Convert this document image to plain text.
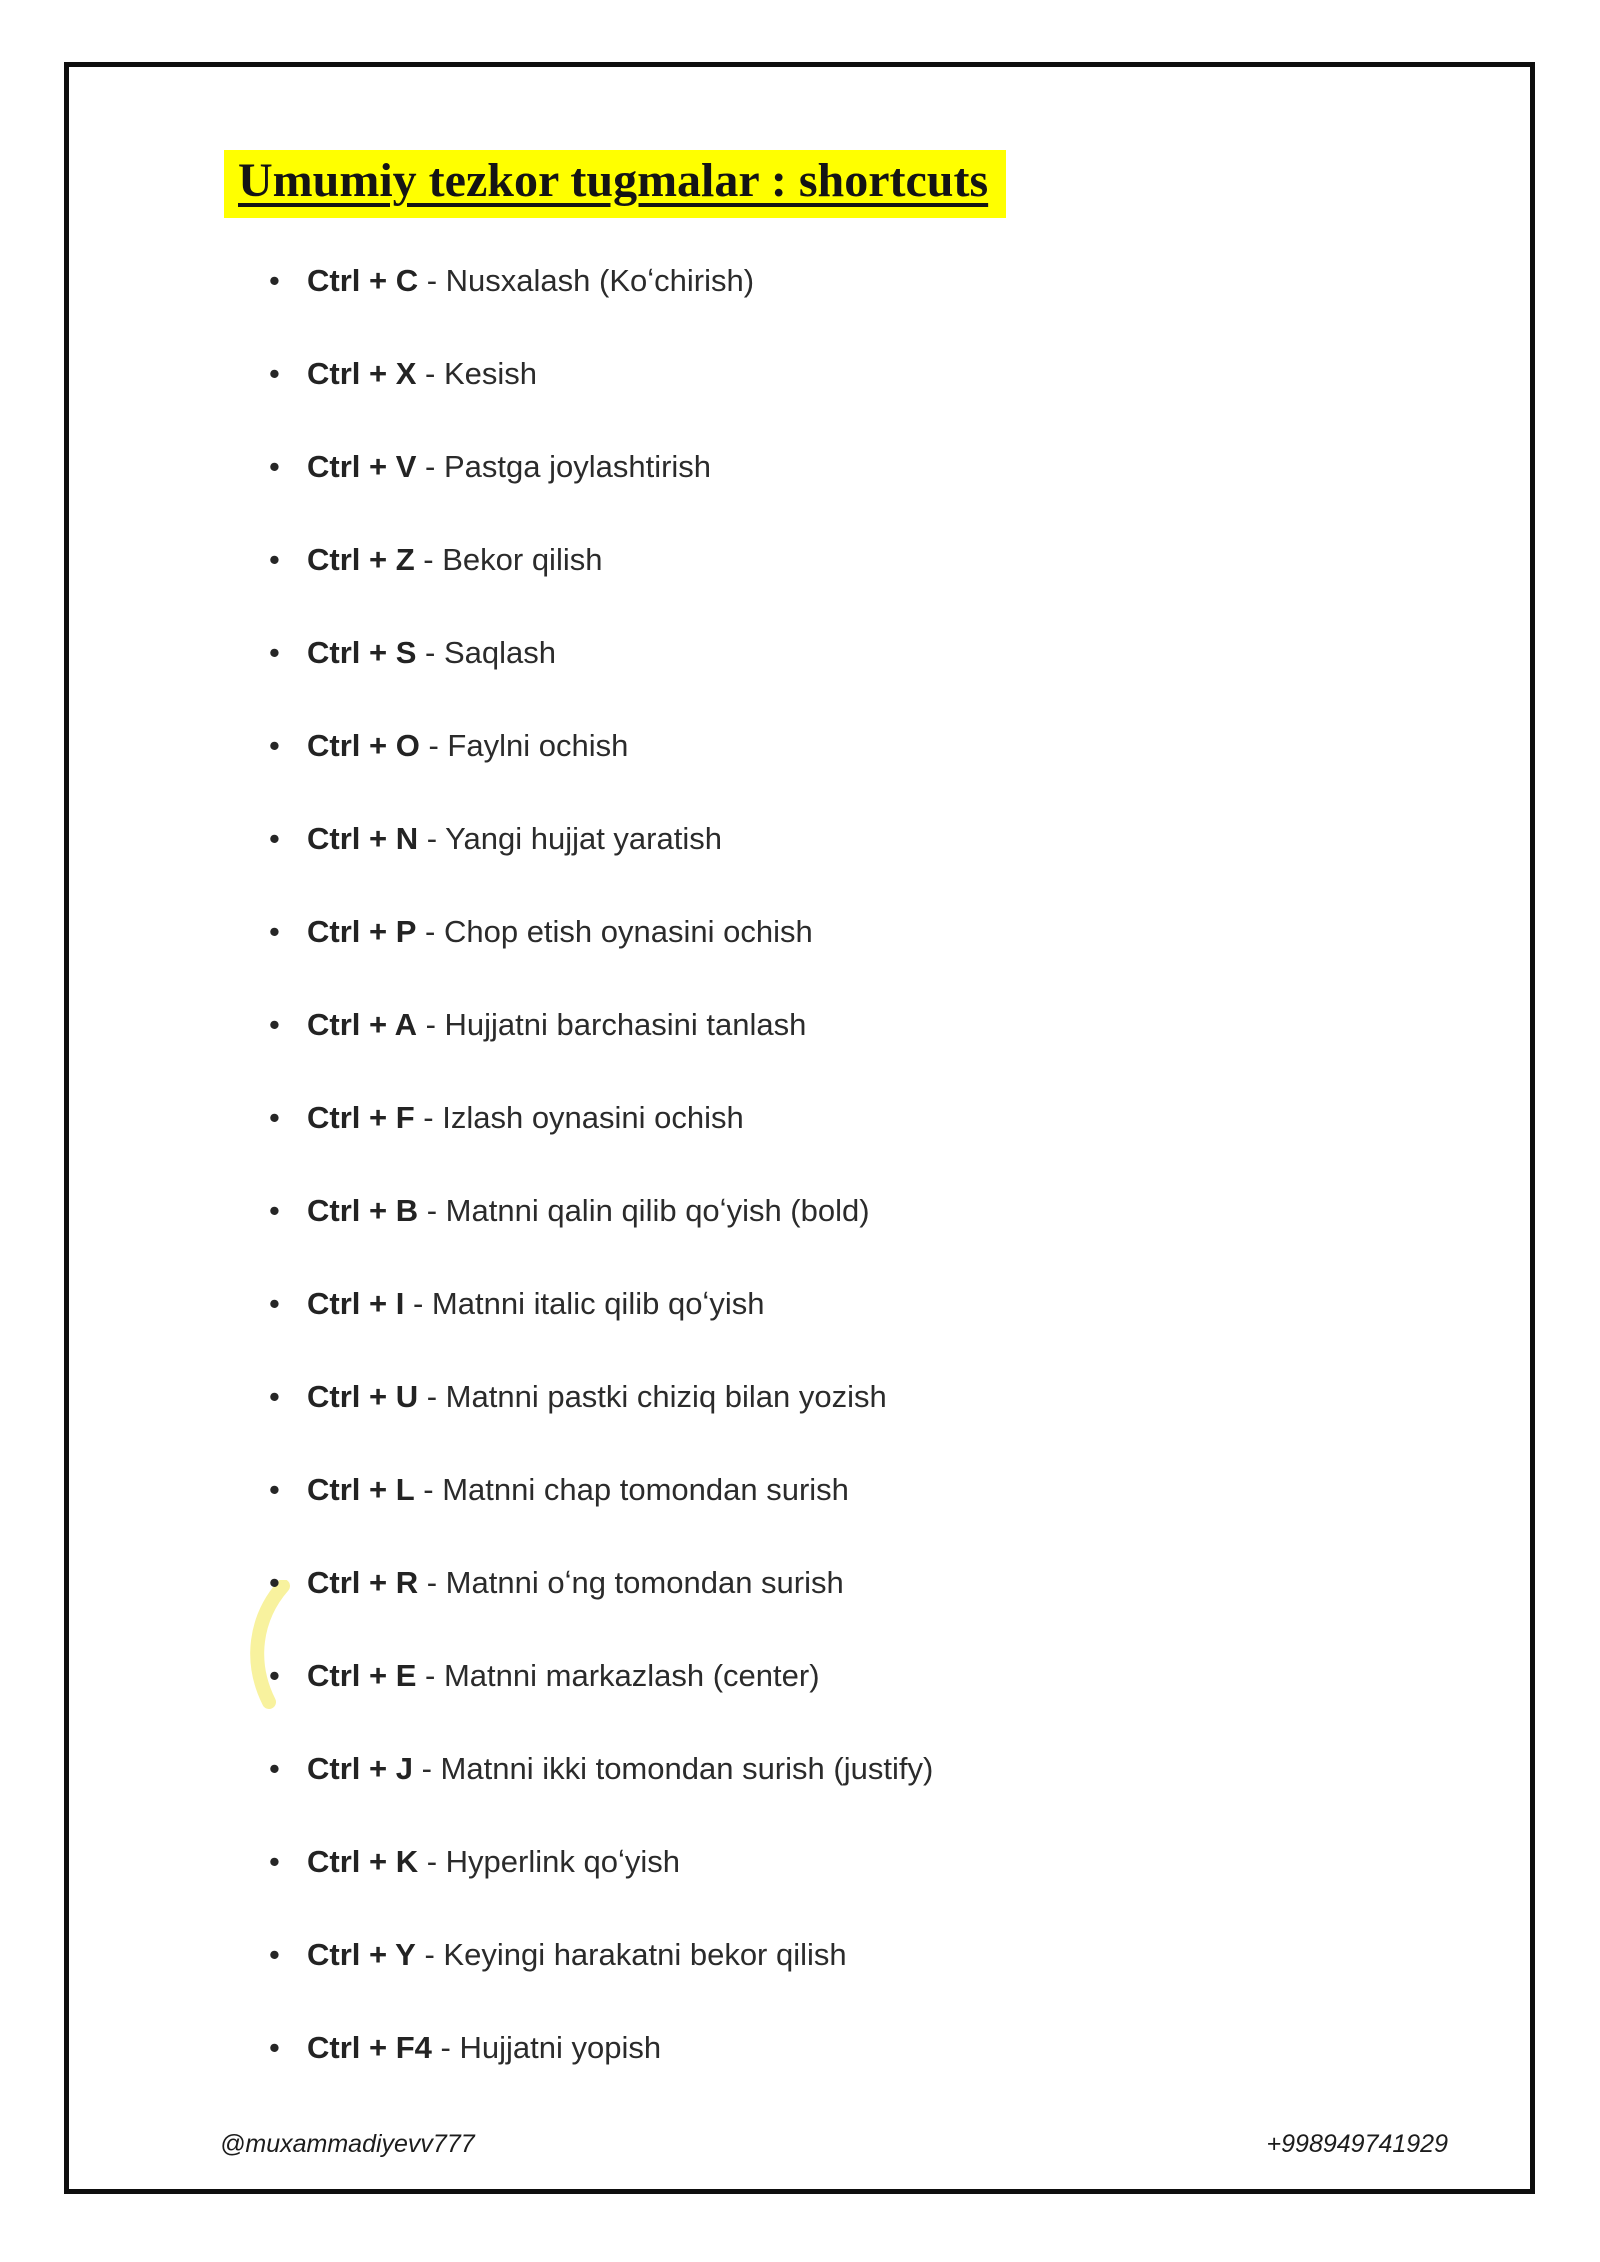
Umumiy tezkor tugmalar : shortcuts
• Ctrl + C - Nusxalash (Koʻchirish)
• Ctrl + X - Kesish
• Ctrl + V - Pastga joylashtirish
• Ctrl + Z - Bekor qilish
• Ctrl + S - Saqlash
• Ctrl + O - Faylni ochish
• Ctrl + N - Yangi hujjat yaratish
• Ctrl + P - Chop etish oynasini ochish
• Ctrl + A - Hujjatni barchasini tanlash
• Ctrl + F - Izlash oynasini ochish
• Ctrl + B - Matnni qalin qilib qoʻyish (bold)
• Ctrl + I - Matnni italic qilib qoʻyish
• Ctrl + U - Matnni pastki chiziq bilan yozish
• Ctrl + L - Matnni chap tomondan surish
• Ctrl + R - Matnni oʻng tomondan surish
• Ctrl + E - Matnni markazlash (center)
• Ctrl + J - Matnni ikki tomondan surish (justify)
• Ctrl + K - Hyperlink qoʻyish
• Ctrl + Y - Keyingi harakatni bekor qilish
• Ctrl + F4 - Hujjatni yopish
@muxammadiyevv777	+998949741929
